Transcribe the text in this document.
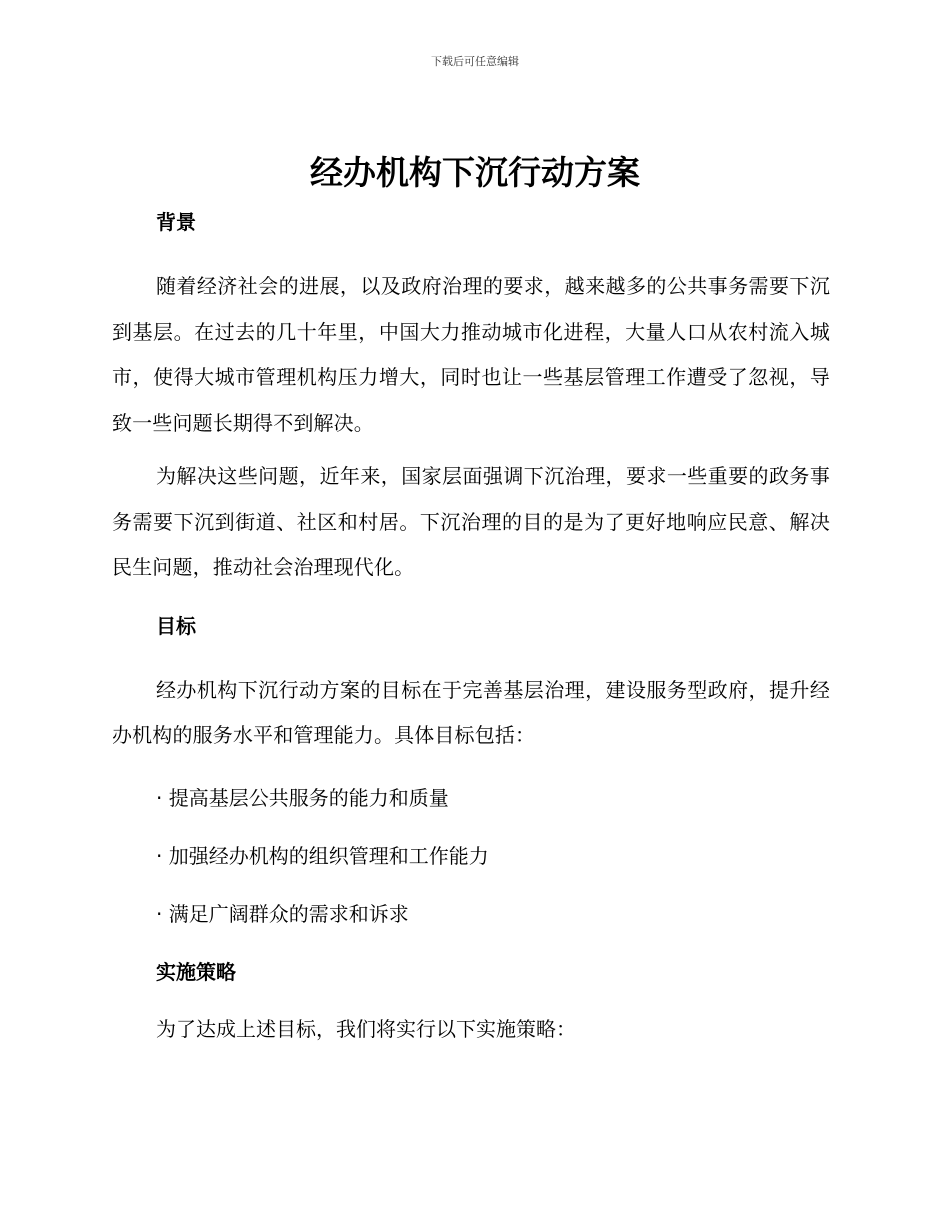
下载后可任意编辑
经办机构下沉行动方案
背景

随着经济社会的进展，以及政府治理的要求，越来越多的公共事务需要下沉到基层。在过去的几十年里，中国大力推动城市化进程，大量人口从农村流入城市，使得大城市管理机构压力增大，同时也让一些基层管理工作遭受了忽视，导致一些问题长期得不到解决。

为解决这些问题，近年来，国家层面强调下沉治理，要求一些重要的政务事务需要下沉到街道、社区和村居。下沉治理的目的是为了更好地响应民意、解决民生问题，推动社会治理现代化。

目标

经办机构下沉行动方案的目标在于完善基层治理，建设服务型政府，提升经办机构的服务水平和管理能力。具体目标包括：

· 提高基层公共服务的能力和质量

· 加强经办机构的组织管理和工作能力

· 满足广阔群众的需求和诉求

实施策略

为了达成上述目标，我们将实行以下实施策略：
